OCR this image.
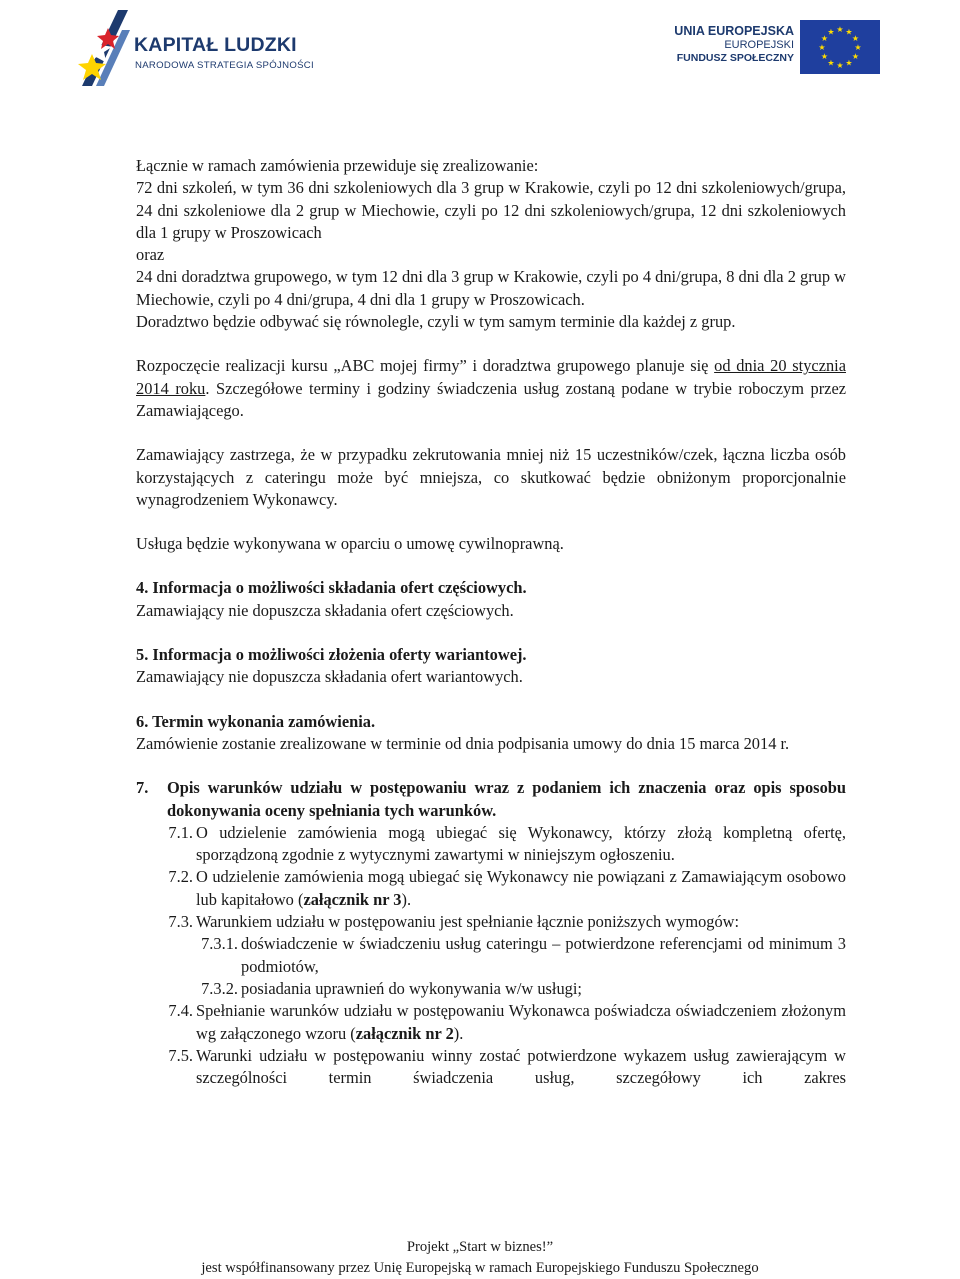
KAPITAŁ LUDZKI
NARODOWA STRATEGIA SPÓJNOŚCI
UNIA EUROPEJSKA
EUROPEJSKI
FUNDUSZ SPOŁECZNY
★ ★
★
★
★
★
★
★
★
★
★
★

Łącznie w ramach zamówienia przewiduje się zrealizowanie:

72 dni szkoleń, w tym 36 dni szkoleniowych dla 3 grup w Krakowie, czyli po 12 dni szkoleniowych/grupa, 24 dni szkoleniowe dla 2 grup w Miechowie, czyli po 12 dni szkoleniowych/grupa, 12 dni szkoleniowych dla 1 grupy w Proszowicach

oraz

24 dni doradztwa grupowego, w tym 12 dni dla 3 grup w Krakowie, czyli po 4 dni/grupa, 8 dni dla 2 grup w Miechowie, czyli po 4 dni/grupa, 4 dni dla 1 grupy w Proszowicach.

Doradztwo będzie odbywać się równolegle, czyli w tym samym terminie dla każdej z grup.

Rozpoczęcie realizacji kursu „ABC mojej firmy” i doradztwa grupowego planuje się od dnia 20 stycznia 2014 roku. Szczegółowe terminy i godziny świadczenia usług zostaną podane w trybie roboczym przez Zamawiającego.

Zamawiający zastrzega, że w przypadku zekrutowania mniej niż 15 uczestników/czek, łączna liczba osób korzystających z cateringu może być mniejsza, co skutkować będzie obniżonym proporcjonalnie wynagrodzeniem Wykonawcy.

Usługa będzie wykonywana w oparciu o umowę cywilnoprawną.

4. Informacja o możliwości składania ofert częściowych.

Zamawiający nie dopuszcza składania ofert częściowych.

5. Informacja o możliwości złożenia oferty wariantowej.

Zamawiający nie dopuszcza składania ofert wariantowych.

6. Termin wykonania zamówienia.

Zamówienie zostanie zrealizowane w terminie od dnia podpisania umowy do dnia 15 marca 2014 r.

7.	Opis warunków udziału w postępowaniu wraz z podaniem ich znaczenia oraz opis sposobu dokonywania oceny spełniania tych warunków.
7.1. O udzielenie zamówienia mogą ubiegać się Wykonawcy, którzy złożą kompletną ofertę, sporządzoną zgodnie z wytycznymi zawartymi w niniejszym ogłoszeniu.
7.2. O udzielenie zamówienia mogą ubiegać się Wykonawcy nie powiązani z Zamawiającym osobowo lub kapitałowo (załącznik nr 3).
7.3. Warunkiem udziału w postępowaniu jest spełnianie łącznie poniższych wymogów:
7.3.1. doświadczenie w świadczeniu usług cateringu – potwierdzone referencjami od minimum 3 podmiotów,
7.3.2. posiadania uprawnień do wykonywania w/w usługi;
7.4. Spełnianie warunków udziału w postępowaniu Wykonawca poświadcza oświadczeniem złożonym wg załączonego wzoru (załącznik nr 2).
7.5. Warunki udziału w postępowaniu winny zostać potwierdzone wykazem usług zawierającym w szczególności termin świadczenia usług, szczegółowy ich zakres
Projekt „Start w biznes!”
jest współfinansowany przez Unię Europejską w ramach Europejskiego Funduszu Społecznego
